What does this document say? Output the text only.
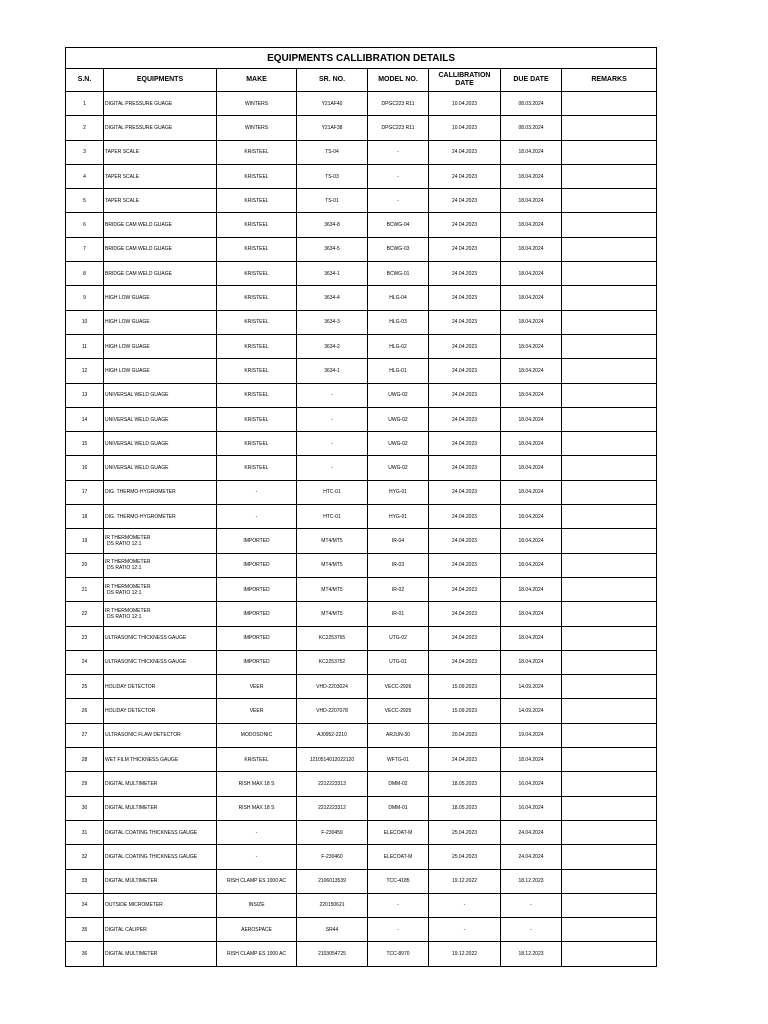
EQUIPMENTS CALLIBRATION DETAILS							
S.N.	EQUIPMENTS	MAKE	SR. NO.	MODEL NO.	CALLIBRATION
DATE	DUE DATE	REMARKS
1	DIGITAL PRESSURE GUAGE	WINTERS	Y21AF40	DPGC223 R11	10.04.2023	08.03.2024	
2	DIGITAL PRESSURE GUAGE	WINTERS	Y21AF38	DPGC223 R11	10.04.2023	08.03.2024	
3	TAPER SCALE	KRISTEEL	TS-04	-	24.04.2023	18.04.2024	
4	TAPER SCALE	KRISTEEL	TS-03	-	24.04.2023	18.04.2024	
5	TAPER SCALE	KRISTEEL	TS-01	-	24.04.2023	18.04.2024	
6	BRIDGE CAM WELD GUAGE	KRISTEEL	3634-8	BCWG-04	24.04.2023	18.04.2024	
7	BRIDGE CAM WELD GUAGE	KRISTEEL	3634-5	BCWG-03	24.04.2023	18.04.2024	
8	BRIDGE CAM WELD GUAGE	KRISTEEL	3634-1	BCWG-01	24.04.2023	18.04.2024	
9	HIGH LOW GUAGE	KRISTEEL	3634-4	HLG-04	24.04.2023	18.04.2024	
10	HIGH LOW GUAGE	KRISTEEL	3634-3	HLG-03	24.04.2023	18.04.2024	
11	HIGH LOW GUAGE	KRISTEEL	3634-2	HLG-02	24.04.2023	18.04.2024	
12	HIGH LOW GUAGE	KRISTEEL	3634-1	HLG-01	24.04.2023	18.04.2024	
13	UNIVERSAL WELD GUAGE	KRISTEEL	-	UWG-02	24.04.2023	18.04.2024	
14	UNIVERSAL WELD GUAGE	KRISTEEL	-	UWG-02	24.04.2023	18.04.2024	
15	UNIVERSAL WELD GUAGE	KRISTEEL	-	UWG-02	24.04.2023	18.04.2024	
16	UNIVERSAL WELD GUAGE	KRISTEEL	-	UWG-02	24.04.2023	18.04.2024	
17	DIG. THERMO-HYGROMETER	-	HTC-01	HYG-01	24.04.2023	18.04.2024	
18	DIG. THERMO-HYGROMETER	-	HTC-01	HYG-01	24.04.2023	18.04.2024	
19	IR THERMOMETER
DS RATIO 12:1	IMPORTED	MT4/MT5	IR-04	24.04.2023	18.04.2024	
20	IR THERMOMETER
DS RATIO 12:1	IMPORTED	MT4/MT5	IR-03	24.04.2023	18.04.2024	
21	IR THERMOMETER
DS RATIO 12:1	IMPORTED	MT4/MT5	IR-02	24.04.2023	18.04.2024	
22	IR THERMOMETER
DS RATIO 12:1	IMPORTED	MT4/MT5	IR-01	24.04.2023	18.04.2024	
23	ULTRASONIC THICKNESS GAUGE	IMPORTED	KC2253765	UTG-02	24.04.2023	18.04.2024	
24	ULTRASONIC THICKNESS GAUGE	IMPORTED	KC2253752	UTG-01	24.04.2023	18.04.2024	
25	HOLIDAY DETECTOR	VEER	VHD-2203024	VECC-2926	15.09.2023	14.09.2024	
26	HOLIDAY DETECTOR	VEER	VHD-2207078	VECC-2925	15.09.2023	14.09.2024	
27	ULTRASONIC FLAW DETECTOR	MODOSONIC	AJ0952-2210	ARJUN-30	20.04.2023	19.04.2024	
28	WET FILM THICKNESS GAUGE	KRISTEEL	J210514012022120	WFTG-01	24.04.2023	18.04.2024	
29	DIGITAL MULTIMETER	RISH MAX 18 S	2212223313	DMM-02	18.05.2023	16.04.2024	
30	DIGITAL MULTIMETER	RISH MAX 18 S	2212223312	DMM-01	18.05.2023	16.04.2024	
31	DIGITAL COATING THICKNESS GAUGE	-	F-230459	ELECOAT-M	25.04.2023	24.04.2024	
32	DIGITAL COATING THICKNESS GAUGE	-	F-230460	ELECOAT-M	25.04.2023	24.04.2024	
33	DIGITAL MULTIMETER	RISH CLAMP ES 1000 AC	2106013539	TCC-4185	19.12.2022	18.12.2023	
34	OUTSIDE MICROMETER	INSIZE	220150621	-	-	-	
35	DIGITAL CALIPER	AEROSPACE	SR44	-	-	-	
36	DIGITAL MULTIMETER	RISH CLAMP ES 1000 AC	2103054725	TCC-8970	19.12.2022	18.12.2023	
